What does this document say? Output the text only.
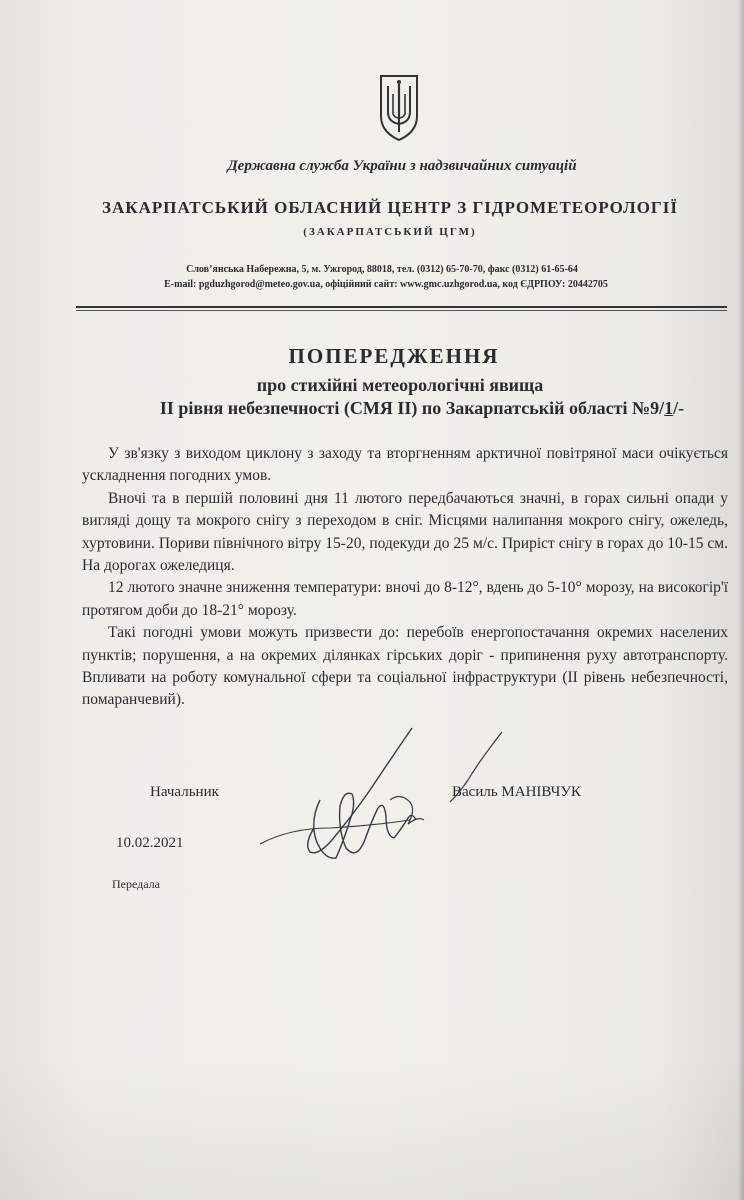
Державна служба України з надзвичайних ситуацій
ЗАКАРПАТСЬКИЙ ОБЛАСНИЙ ЦЕНТР З ГІДРОМЕТЕОРОЛОГІЇ
(ЗАКАРПАТСЬКИЙ ЦГМ)
Слов’янська Набережна, 5, м. Ужгород, 88018, тел. (0312) 65-70-70, факс (0312) 61-65-64
E-mail: pgduzhgorod@meteo.gov.ua, офіційний сайт: www.gmc.uzhgorod.ua, код ЄДРПОУ: 20442705
ПОПЕРЕДЖЕННЯ
про стихійні метеорологічні явища
ІІ рівня небезпечності (СМЯ ІІ) по Закарпатській області №9/1/-

У зв'язку з виходом циклону з заходу та вторгненням арктичної повітряної маси очікується ускладнення погодних умов.

Вночі та в першій половині дня 11 лютого передбачаються значні, в горах сильні опади у вигляді дощу та мокрого снігу з переходом в сніг. Місцями налипання мокрого снігу, ожеледь, хуртовини. Пориви північного вітру 15-20, подекуди до 25 м/с. Приріст снігу в горах до 10-15 см. На дорогах ожеледиця.

12 лютого значне зниження температури: вночі до 8-12°, вдень до 5-10° морозу, на високогір'ї протягом доби до 18-21° морозу.

Такі погодні умови можуть призвести до: перебоїв енергопостачання окремих населених пунктів; порушення, а на окремих ділянках гірських доріг - припинення руху автотранспорту. Впливати на роботу комунальної сфери та соціальної інфраструктури (ІІ рівень небезпечності, помаранчевий).

Начальник	Василь МАНІВЧУК
10.02.2021
Передала
